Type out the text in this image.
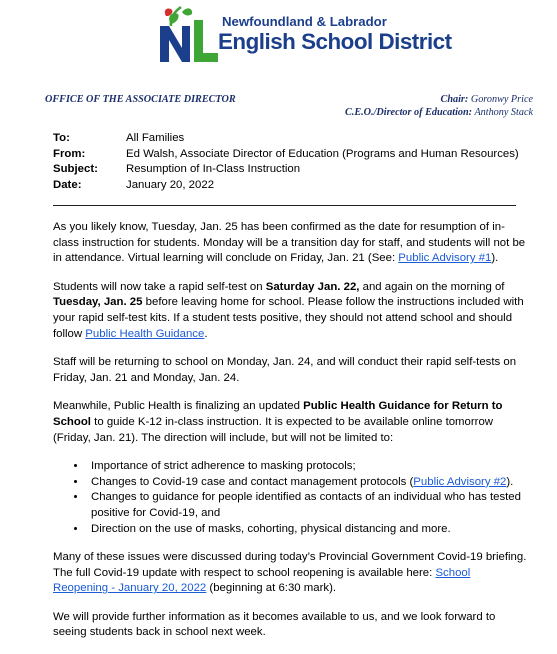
Newfoundland & Labrador
English School District
OFFICE OF THE ASSOCIATE DIRECTOR	Chair: Goronwy Price
C.E.O./Director of Education: Anthony Stack
To:	All Families
From:	Ed Walsh, Associate Director of Education (Programs and Human Resources)
Subject:	Resumption of In-Class Instruction
Date:	January 20, 2022

As you likely know, Tuesday, Jan. 25 has been confirmed as the date for resumption of in-class instruction for students. Monday will be a transition day for staff, and students will not be in attendance. Virtual learning will conclude on Friday, Jan. 21 (See: Public Advisory #1).

Students will now take a rapid self-test on Saturday Jan. 22, and again on the morning of Tuesday, Jan. 25 before leaving home for school. Please follow the instructions included with your rapid self-test kits. If a student tests positive, they should not attend school and should follow Public Health Guidance.

Staff will be returning to school on Monday, Jan. 24, and will conduct their rapid self-tests on Friday, Jan. 21 and Monday, Jan. 24.

Meanwhile, Public Health is finalizing an updated Public Health Guidance for Return to School to guide K-12 in-class instruction. It is expected to be available online tomorrow (Friday, Jan. 21). The direction will include, but will not be limited to:

• Importance of strict adherence to masking protocols;
• Changes to Covid-19 case and contact management protocols (Public Advisory #2).
• Changes to guidance for people identified as contacts of an individual who has tested positive for Covid-19, and
• Direction on the use of masks, cohorting, physical distancing and more.

Many of these issues were discussed during today’s Provincial Government Covid-19 briefing. The full Covid-19 update with respect to school reopening is available here: School Reopening - January 20, 2022 (beginning at 6:30 mark).

We will provide further information as it becomes available to us, and we look forward to seeing students back in school next week.
